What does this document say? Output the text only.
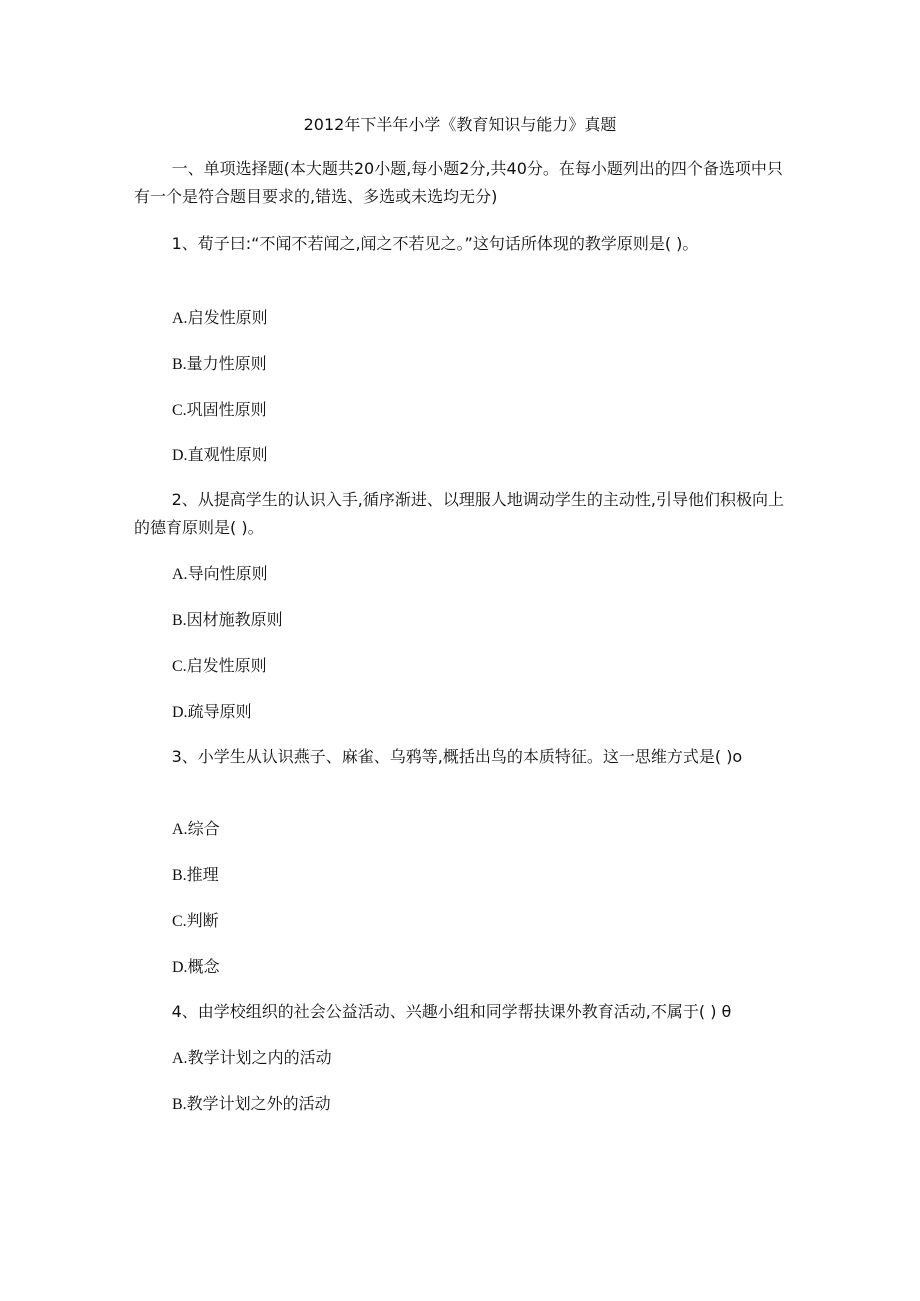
2012年下半年小学《教育知识与能力》真题
一、单项选择题(本大题共20小题,每小题2分,共40分。在每小题列出的四个备选项中只有一个是符合题目要求的,错选、多选或未选均无分)
1、荀子曰:“不闻不若闻之,闻之不若见之。”这句话所体现的教学原则是( )。
A.启发性原则
B.量力性原则
C.巩固性原则
D.直观性原则
2、从提高学生的认识入手,循序渐进、以理服人地调动学生的主动性,引导他们积极向上的德育原则是( )。
A.导向性原则
B.因材施教原则
C.启发性原则
D.疏导原则
3、小学生从认识燕子、麻雀、乌鸦等,概括出鸟的本质特征。这一思维方式是( )o
A.综合
B.推理
C.判断
D.概念
4、由学校组织的社会公益活动、兴趣小组和同学帮扶课外教育活动,不属于( ) θ
A.教学计划之内的活动
B.教学计划之外的活动
